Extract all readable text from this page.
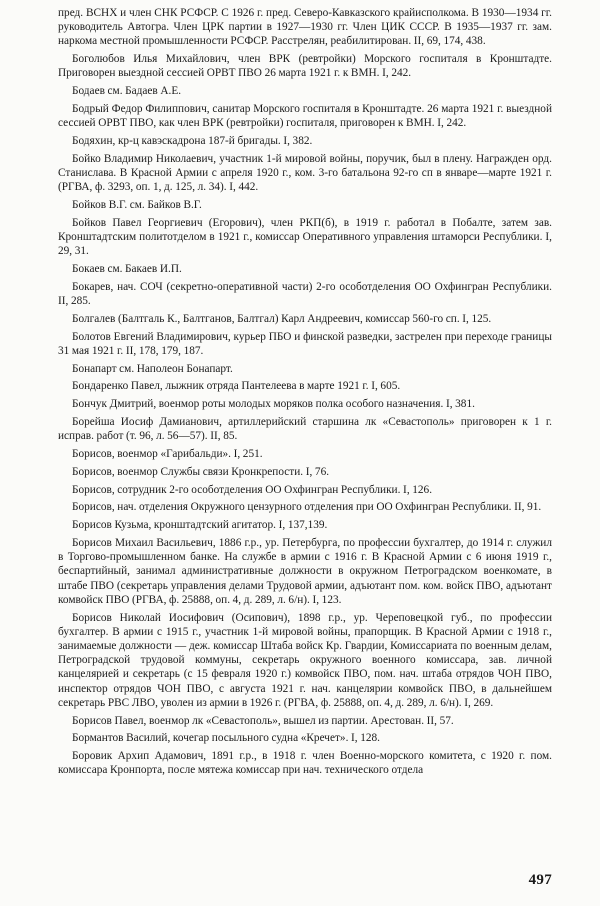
пред. ВСНХ и член СНК РСФСР. С 1926 г. пред. Северо-Кавказского крайисполкома. В 1930—1934 гг. руководитель Автогра. Член ЦРК партии в 1927—1930 гг. Член ЦИК СССР. В 1935—1937 гг. зам. наркома местной промышленности РСФСР. Расстрелян, реабилитирован. II, 69, 174, 438.

Боголюбов Илья Михайлович, член ВРК (ревтройки) Морского госпиталя в Кронштадте. Приговорен выездной сессией ОРВТ ПВО 26 марта 1921 г. к ВМН. I, 242.

Бодаев см. Бадаев А.Е.

Бодрый Федор Филиппович, санитар Морского госпиталя в Кронштадте. 26 марта 1921 г. выездной сессией ОРВТ ПВО, как член ВРК (ревтройки) госпиталя, приговорен к ВМН. I, 242.

Бодяхин, кр-ц кавэскадрона 187-й бригады. I, 382.

Бойко Владимир Николаевич, участник 1-й мировой войны, поручик, был в плену. Награжден орд. Станислава. В Красной Армии с апреля 1920 г., ком. 3-го батальона 92-го сп в январе—марте 1921 г. (РГВА, ф. 3293, оп. 1, д. 125, л. 34). I, 442.

Бойков В.Г. см. Байков В.Г.

Бойков Павел Георгиевич (Егорович), член РКП(б), в 1919 г. работал в Побалте, затем зав. Кронштадтским политотделом в 1921 г., комиссар Оперативного управления штаморси Республики. I, 29, 31.

Бокаев см. Бакаев И.П.

Бокарев, нач. СОЧ (секретно-оперативной части) 2-го особотделения ОО Охфингран Республики. II, 285.

Болгалев (Балтгаль К., Балтганов, Балтгал) Карл Андреевич, комиссар 560-го сп. I, 125.

Болотов Евгений Владимирович, курьер ПБО и финской разведки, застрелен при переходе границы 31 мая 1921 г. II, 178, 179, 187.

Бонапарт см. Наполеон Бонапарт.

Бондаренко Павел, лыжник отряда Пантелеева в марте 1921 г. I, 605.

Бончук Дмитрий, военмор роты молодых моряков полка особого назначения. I, 381.

Борейша Иосиф Дамианович, артиллерийский старшина лк «Севастополь» приговорен к 1 г. исправ. работ (т. 96, л. 56—57). II, 85.

Борисов, военмор «Гарибальди». I, 251.

Борисов, военмор Службы связи Кронкрепости. I, 76.

Борисов, сотрудник 2-го особотделения ОО Охфингран Республики. I, 126.

Борисов, нач. отделения Окружного цензурного отделения при ОО Охфингран Республики. II, 91.

Борисов Кузьма, кронштадтский агитатор. I, 137,139.

Борисов Михаил Васильевич, 1886 г.р., ур. Петербурга, по профессии бухгалтер, до 1914 г. служил в Торгово-промышленном банке. На службе в армии с 1916 г. В Красной Армии с 6 июня 1919 г., беспартийный, занимал административные должности в окружном Петроградском военкомате, в штабе ПВО (секретарь управления делами Трудовой армии, адъютант пом. ком. войск ПВО, адъютант комвойск ПВО (РГВА, ф. 25888, оп. 4, д. 289, л. 6/н). I, 123.

Борисов Николай Иосифович (Осипович), 1898 г.р., ур. Череповецкой губ., по профессии бухгалтер. В армии с 1915 г., участник 1-й мировой войны, прапорщик. В Красной Армии с 1918 г., занимаемые должности — деж. комиссар Штаба войск Кр. Гвардии, Комиссариата по военным делам, Петроградской трудовой коммуны, секретарь окружного военного комиссара, зав. личной канцелярией и секретарь (с 15 февраля 1920 г.) комвойск ПВО, пом. нач. штаба отрядов ЧОН ПВО, инспектор отрядов ЧОН ПВО, с августа 1921 г. нач. канцелярии комвойск ПВО, в дальнейшем секретарь РВС ЛВО, уволен из армии в 1926 г. (РГВА, ф. 25888, оп. 4, д. 289, л. 6/н). I, 269.

Борисов Павел, военмор лк «Севастополь», вышел из партии. Арестован. II, 57.

Бормантов Василий, кочегар посыльного судна «Кречет». I, 128.

Боровик Архип Адамович, 1891 г.р., в 1918 г. член Военно-морского комитета, с 1920 г. пом. комиссара Кронпорта, после мятежа комиссар при нач. технического отдела

497
